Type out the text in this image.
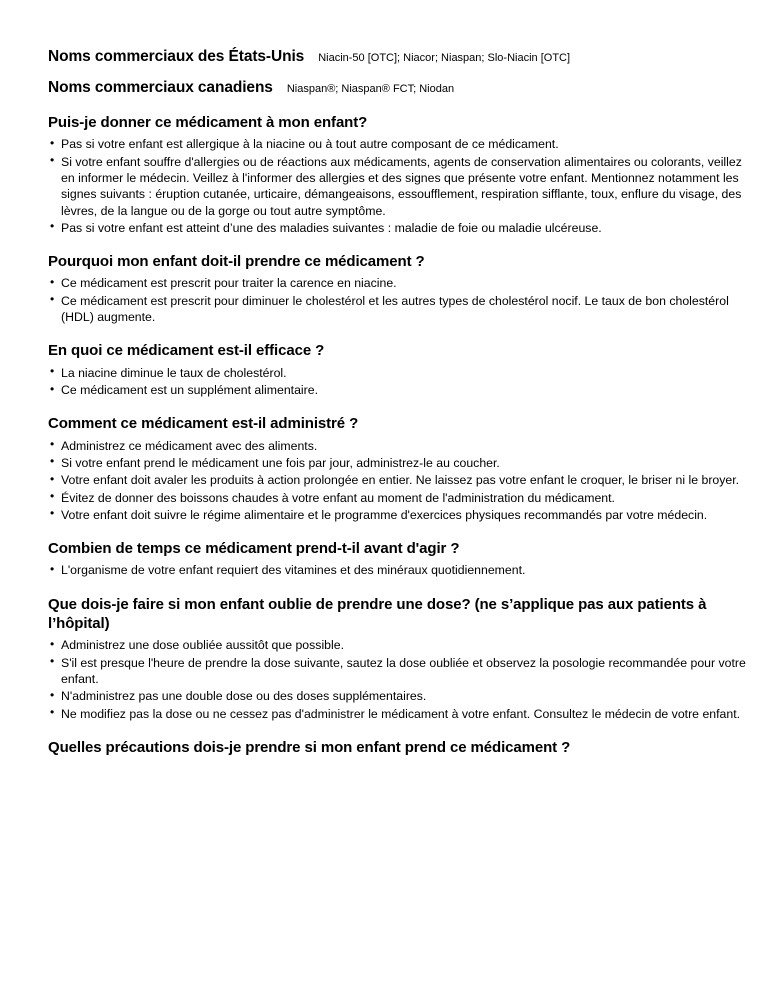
Noms commerciaux des États-Unis Niacin-50 [OTC]; Niacor; Niaspan; Slo-Niacin [OTC]
Noms commerciaux canadiens Niaspan®; Niaspan® FCT; Niodan
Puis-je donner ce médicament à mon enfant?
• Pas si votre enfant est allergique à la niacine ou à tout autre composant de ce médicament.
• Si votre enfant souffre d'allergies ou de réactions aux médicaments, agents de conservation alimentaires ou colorants, veillez en informer le médecin. Veillez à l'informer des allergies et des signes que présente votre enfant. Mentionnez notamment les signes suivants : éruption cutanée, urticaire, démangeaisons, essoufflement, respiration sifflante, toux, enflure du visage, des lèvres, de la langue ou de la gorge ou tout autre symptôme.
• Pas si votre enfant est atteint d’une des maladies suivantes : maladie de foie ou maladie ulcéreuse.
Pourquoi mon enfant doit-il prendre ce médicament ?
• Ce médicament est prescrit pour traiter la carence en niacine.
• Ce médicament est prescrit pour diminuer le cholestérol et les autres types de cholestérol nocif. Le taux de bon cholestérol (HDL) augmente.
En quoi ce médicament est-il efficace ?
• La niacine diminue le taux de cholestérol.
• Ce médicament est un supplément alimentaire.
Comment ce médicament est-il administré ?
• Administrez ce médicament avec des aliments.
• Si votre enfant prend le médicament une fois par jour, administrez-le au coucher.
• Votre enfant doit avaler les produits à action prolongée en entier. Ne laissez pas votre enfant le croquer, le briser ni le broyer.
• Évitez de donner des boissons chaudes à votre enfant au moment de l'administration du médicament.
• Votre enfant doit suivre le régime alimentaire et le programme d'exercices physiques recommandés par votre médecin.
Combien de temps ce médicament prend-t-il avant d'agir ?
• L'organisme de votre enfant requiert des vitamines et des minéraux quotidiennement.
Que dois-je faire si mon enfant oublie de prendre une dose? (ne s’applique pas aux patients à l’hôpital)
• Administrez une dose oubliée aussitôt que possible.
• S'il est presque l'heure de prendre la dose suivante, sautez la dose oubliée et observez la posologie recommandée pour votre enfant.
• N'administrez pas une double dose ou des doses supplémentaires.
• Ne modifiez pas la dose ou ne cessez pas d'administrer le médicament à votre enfant. Consultez le médecin de votre enfant.
Quelles précautions dois-je prendre si mon enfant prend ce médicament ?
